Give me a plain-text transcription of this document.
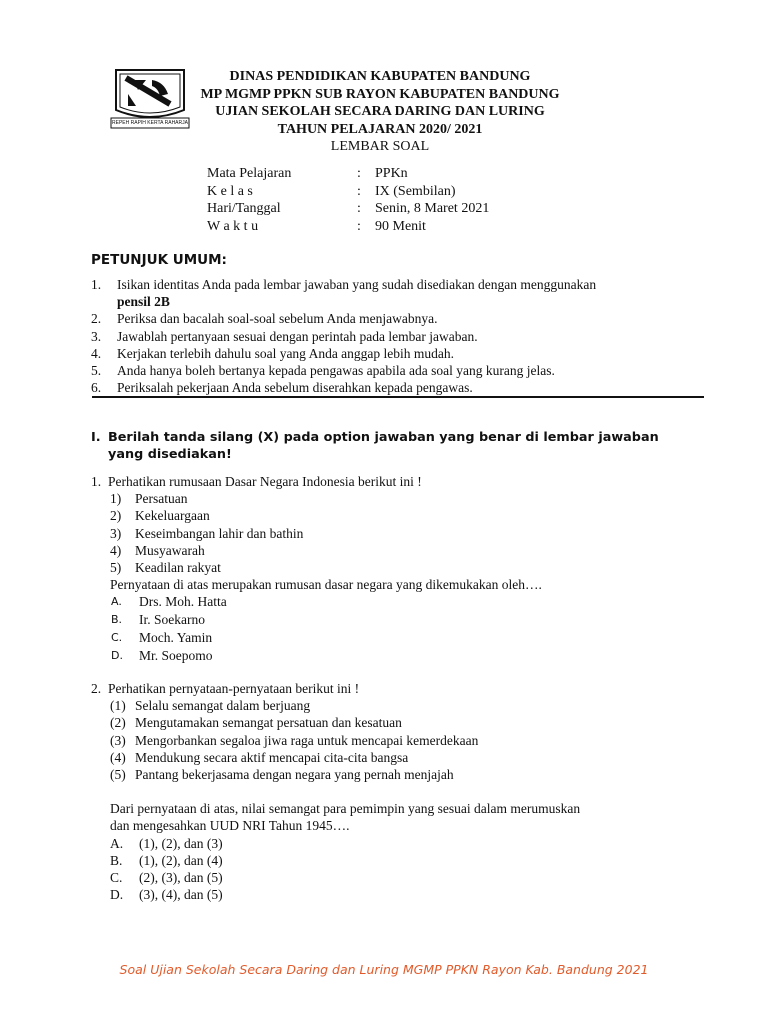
REPEH RAPIH KERTA RAHARJA
DINAS PENDIDIKAN KABUPATEN BANDUNG
MP MGMP PPKN SUB RAYON KABUPATEN BANDUNG
UJIAN SEKOLAH SECARA DARING DAN LURING
TAHUN PELAJARAN 2020/ 2021
LEMBAR SOAL
Mata Pelajaran	: PPKn
K e l a s	: IX (Sembilan)
Hari/Tanggal	: Senin, 8 Maret 2021
W a k t u	: 90 Menit
PETUNJUK UMUM:
1. Isikan identitas Anda pada lembar jawaban yang sudah disediakan dengan menggunakan
pensil 2B
2. Periksa dan bacalah soal-soal sebelum Anda menjawabnya.
3. Jawablah pertanyaan sesuai dengan perintah pada lembar jawaban.
4. Kerjakan terlebih dahulu soal yang Anda anggap lebih mudah.
5. Anda hanya boleh bertanya kepada pengawas apabila ada soal yang kurang jelas.
6. Periksalah pekerjaan Anda sebelum diserahkan kepada pengawas.
I. Berilah tanda silang (X) pada option jawaban yang benar di lembar jawaban yang disediakan!
1. Perhatikan rumusaan Dasar Negara Indonesia berikut ini !
1) Persatuan
2) Kekeluargaan
3) Keseimbangan lahir dan bathin
4) Musyawarah
5) Keadilan rakyat
Pernyataan di atas merupakan rumusan dasar negara yang dikemukakan oleh….
A. Drs. Moh. Hatta
B. Ir. Soekarno
C. Moch. Yamin
D. Mr. Soepomo
2. Perhatikan pernyataan-pernyataan berikut ini !
(1) Selalu semangat dalam berjuang
(2) Mengutamakan semangat persatuan dan kesatuan
(3) Mengorbankan segaloa jiwa raga untuk mencapai kemerdekaan
(4) Mendukung secara aktif mencapai cita-cita bangsa
(5) Pantang bekerjasama dengan negara yang pernah menjajah
Dari pernyataan di atas, nilai semangat para pemimpin yang sesuai dalam merumuskan
dan mengesahkan UUD NRI Tahun 1945….
A. (1), (2), dan (3)
B. (1), (2), dan (4)
C. (2), (3), dan (5)
D. (3), (4), dan (5)
Soal Ujian Sekolah Secara Daring dan Luring MGMP PPKN Rayon Kab. Bandung 2021
